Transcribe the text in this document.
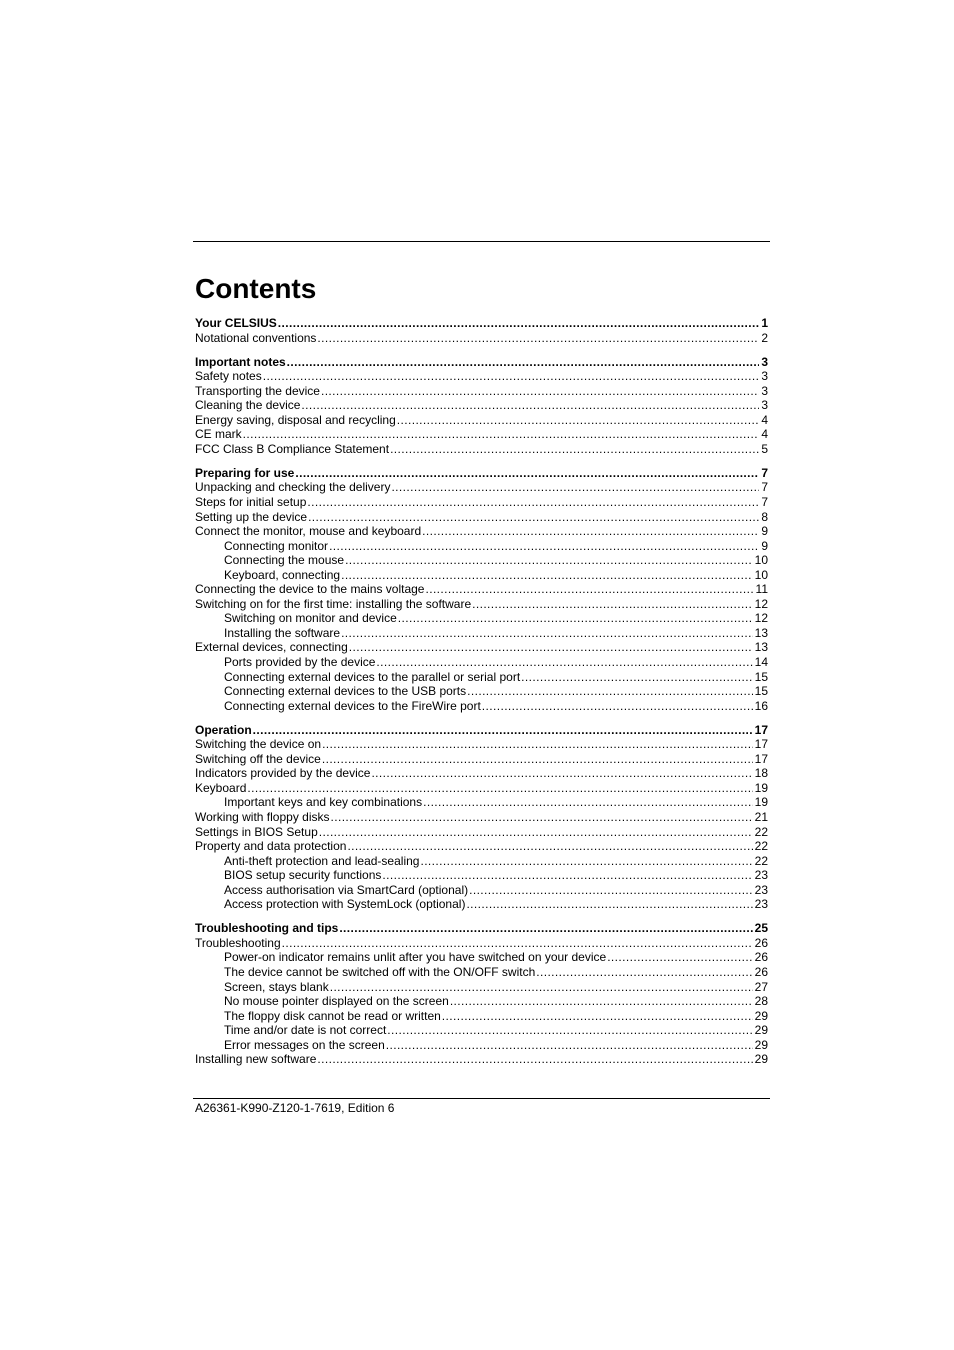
Contents
Your CELSIUS .....	1
Notational conventions .....	2
Important notes .....	3
Safety notes .....	3
Transporting the device .....	3
Cleaning the device .....	3
Energy saving, disposal and recycling .....	4
CE mark .....	4
FCC Class B Compliance Statement .....	5
Preparing for use .....	7
Unpacking and checking the delivery .....	7
Steps for initial setup .....	7
Setting up the device .....	8
Connect the monitor, mouse and keyboard .....	9
Connecting monitor .....	9
Connecting the mouse .....	10
Keyboard, connecting .....	10
Connecting the device to the mains voltage .....	11
Switching on for the first time: installing the software .....	12
Switching on monitor and device .....	12
Installing the software .....	13
External devices, connecting .....	13
Ports provided by the device .....	14
Connecting external devices to the parallel or serial port .....	15
Connecting external devices to the USB ports .....	15
Connecting external devices to the FireWire port .....	16
Operation .....	17
Switching the device on .....	17
Switching off the device .....	17
Indicators provided by the device .....	18
Keyboard .....	19
Important keys and key combinations .....	19
Working with floppy disks .....	21
Settings in BIOS Setup .....	22
Property and data protection .....	22
Anti-theft protection and lead-sealing .....	22
BIOS setup security functions .....	23
Access authorisation via SmartCard (optional) .....	23
Access protection with SystemLock (optional) .....	23
Troubleshooting and tips .....	25
Troubleshooting .....	26
Power-on indicator remains unlit after you have switched on your device .....	26
The device cannot be switched off with the ON/OFF switch .....	26
Screen, stays blank .....	27
No mouse pointer displayed on the screen .....	28
The floppy disk cannot be read or written .....	29
Time and/or date is not correct .....	29
Error messages on the screen .....	29
Installing new software .....	29
A26361-K990-Z120-1-7619, Edition 6
